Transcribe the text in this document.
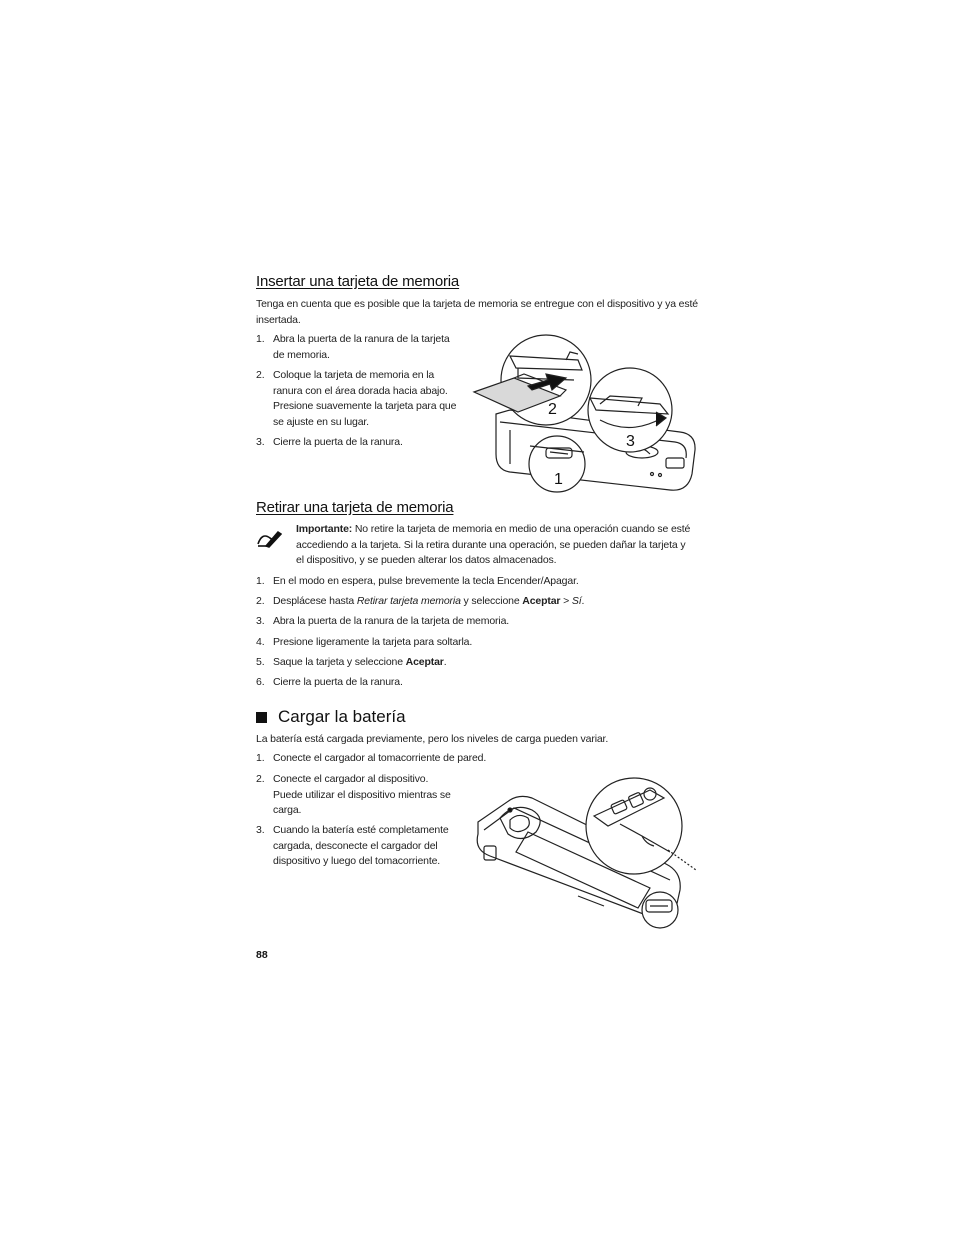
Insertar una tarjeta de memoria

Tenga en cuenta que es posible que la tarjeta de memoria se entregue con el dispositivo y ya esté insertada.

1. Abra la puerta de la ranura de la tarjeta de memoria.
2. Coloque la tarjeta de memoria en la ranura con el área dorada hacia abajo. Presione suavemente la tarjeta para que se ajuste en su lugar.
3. Cierre la puerta de la ranura.
2
3
1
Retirar una tarjeta de memoria
Importante: No retire la tarjeta de memoria en medio de una operación cuando se esté accediendo a la tarjeta. Si la retira durante una operación, se pueden dañar la tarjeta y el dispositivo, y se pueden alterar los datos almacenados.
1. En el modo en espera, pulse brevemente la tecla Encender/Apagar.
2. Desplácese hasta Retirar tarjeta memoria y seleccione Aceptar > Sí.
3. Abra la puerta de la ranura de la tarjeta de memoria.
4. Presione ligeramente la tarjeta para soltarla.
5. Saque la tarjeta y seleccione Aceptar.
6. Cierre la puerta de la ranura.
Cargar la batería

La batería está cargada previamente, pero los niveles de carga pueden variar.

1. Conecte el cargador al tomacorriente de pared.
2. Conecte el cargador al dispositivo. Puede utilizar el dispositivo mientras se carga.
3. Cuando la batería esté completamente cargada, desconecte el cargador del dispositivo y luego del tomacorriente.
88
